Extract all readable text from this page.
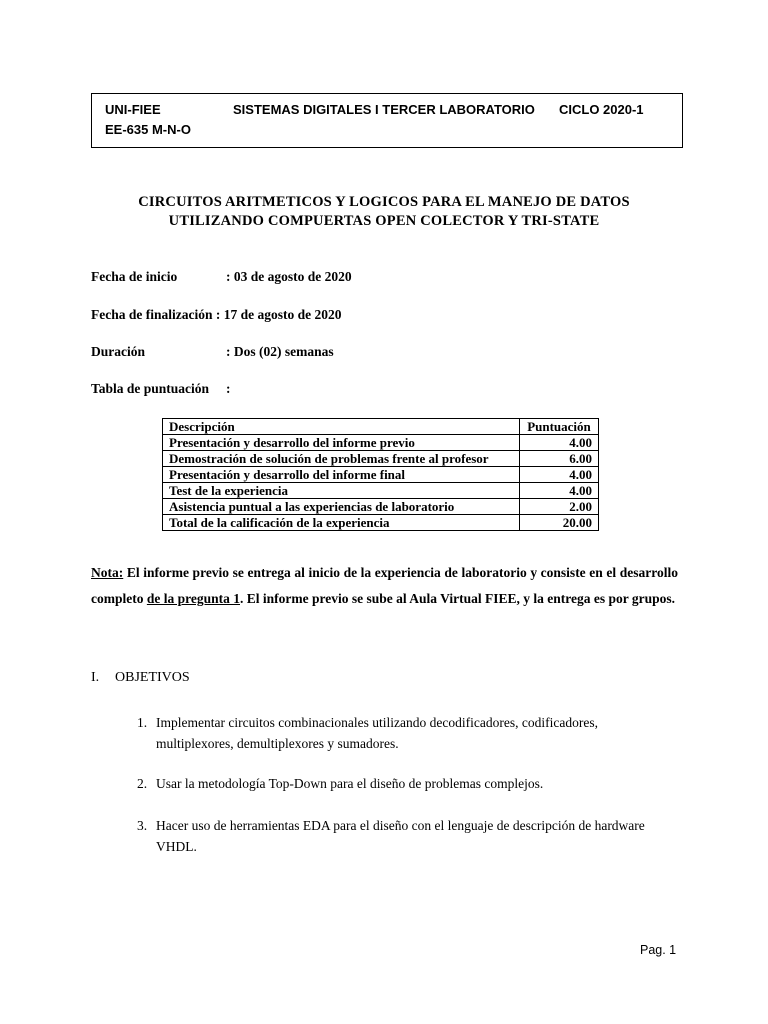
UNI-FIEE
EE-635 M-N-O
SISTEMAS DIGITALES I TERCER LABORATORIO CICLO 2020-1
CIRCUITOS ARITMETICOS Y LOGICOS PARA EL MANEJO DE DATOS
UTILIZANDO COMPUERTAS OPEN COLECTOR Y TRI-STATE
Fecha de inicio	: 03 de agosto de 2020
Fecha de finalización : 17 de agosto de 2020
Duración	: Dos (02) semanas
Tabla de puntuación :
Descripción	Puntuación
Presentación y desarrollo del informe previo	4.00
Demostración de solución de problemas frente al profesor	6.00
Presentación y desarrollo del informe final	4.00
Test de la experiencia	4.00
Asistencia puntual a las experiencias de laboratorio	2.00
Total de la calificación de la experiencia	20.00
Nota: El informe previo se entrega al inicio de la experiencia de laboratorio y consiste en el desarrollo completo de la pregunta 1. El informe previo se sube al Aula Virtual FIEE, y la entrega es por grupos.
I. OBJETIVOS
1. Implementar circuitos combinacionales utilizando decodificadores, codificadores, multiplexores, demultiplexores y sumadores.
2. Usar la metodología Top-Down para el diseño de problemas complejos.
3. Hacer uso de herramientas EDA para el diseño con el lenguaje de descripción de hardware VHDL.
Pag. 1
